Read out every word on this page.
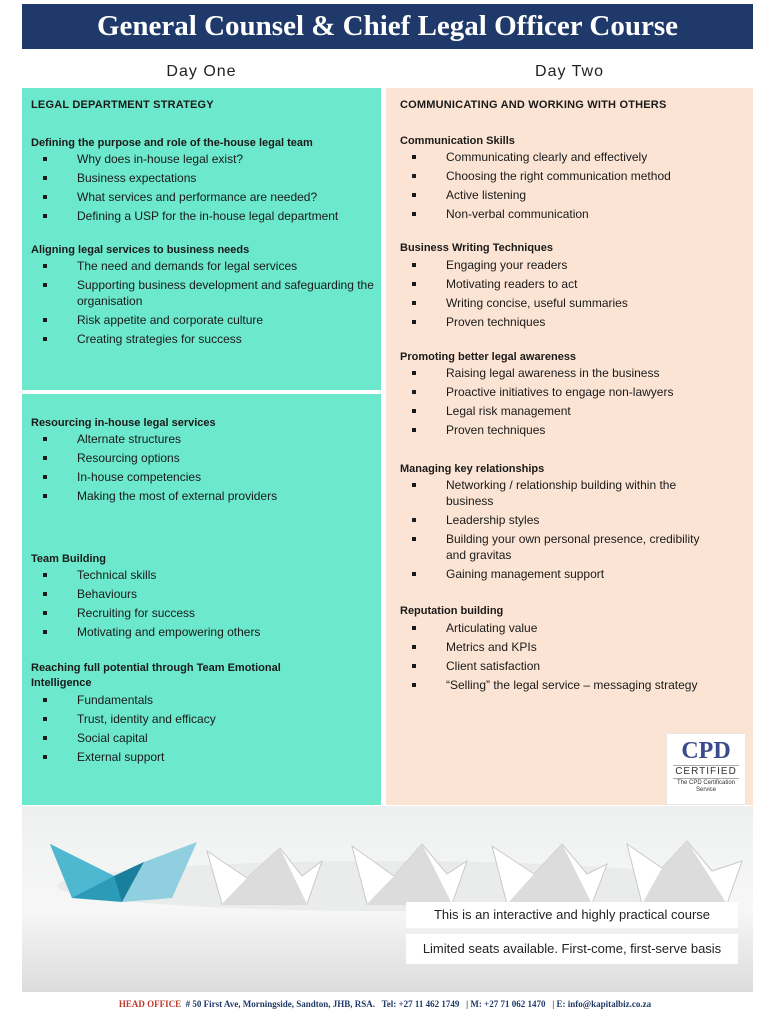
General Counsel & Chief Legal Officer Course
Day One	Day Two
LEGAL DEPARTMENT STRATEGY
Defining the purpose and role of the-house legal team
Why does in-house legal exist?
Business expectations
What services and performance are needed?
Defining a USP for the in-house legal department
Aligning legal services to business needs
The need and demands for legal services
Supporting business development and safeguarding the organisation
Risk appetite and corporate culture
Creating strategies for success
Resourcing in-house legal services
Alternate structures
Resourcing options
In-house competencies
Making the most of external providers
Team Building
Technical skills
Behaviours
Recruiting for success
Motivating and empowering others
Reaching full potential through Team Emotional Intelligence
Fundamentals
Trust, identity and efficacy
Social capital
External support
COMMUNICATING AND WORKING WITH OTHERS
Communication Skills
Communicating clearly and effectively
Choosing the right communication method
Active listening
Non-verbal communication
Business Writing Techniques
Engaging your readers
Motivating readers to act
Writing concise, useful summaries
Proven techniques
Promoting better legal awareness
Raising legal awareness in the business
Proactive initiatives to engage non-lawyers
Legal risk management
Proven techniques
Managing key relationships
Networking / relationship building within the business
Leadership styles
Building your own personal presence, credibility and gravitas
Gaining management support
Reputation building
Articulating value
Metrics and KPIs
Client satisfaction
“Selling” the legal service – messaging strategy
CPD
CERTIFIED
The CPD Certification Service
This is an interactive and highly practical course
Limited seats available. First-come, first-serve basis
HEAD OFFICE  # 50 First Ave, Morningside, Sandton, JHB, RSA.   Tel: +27 11 462 1749   | M: +27 71 062 1470   | E: info@kapitalbiz.co.za
